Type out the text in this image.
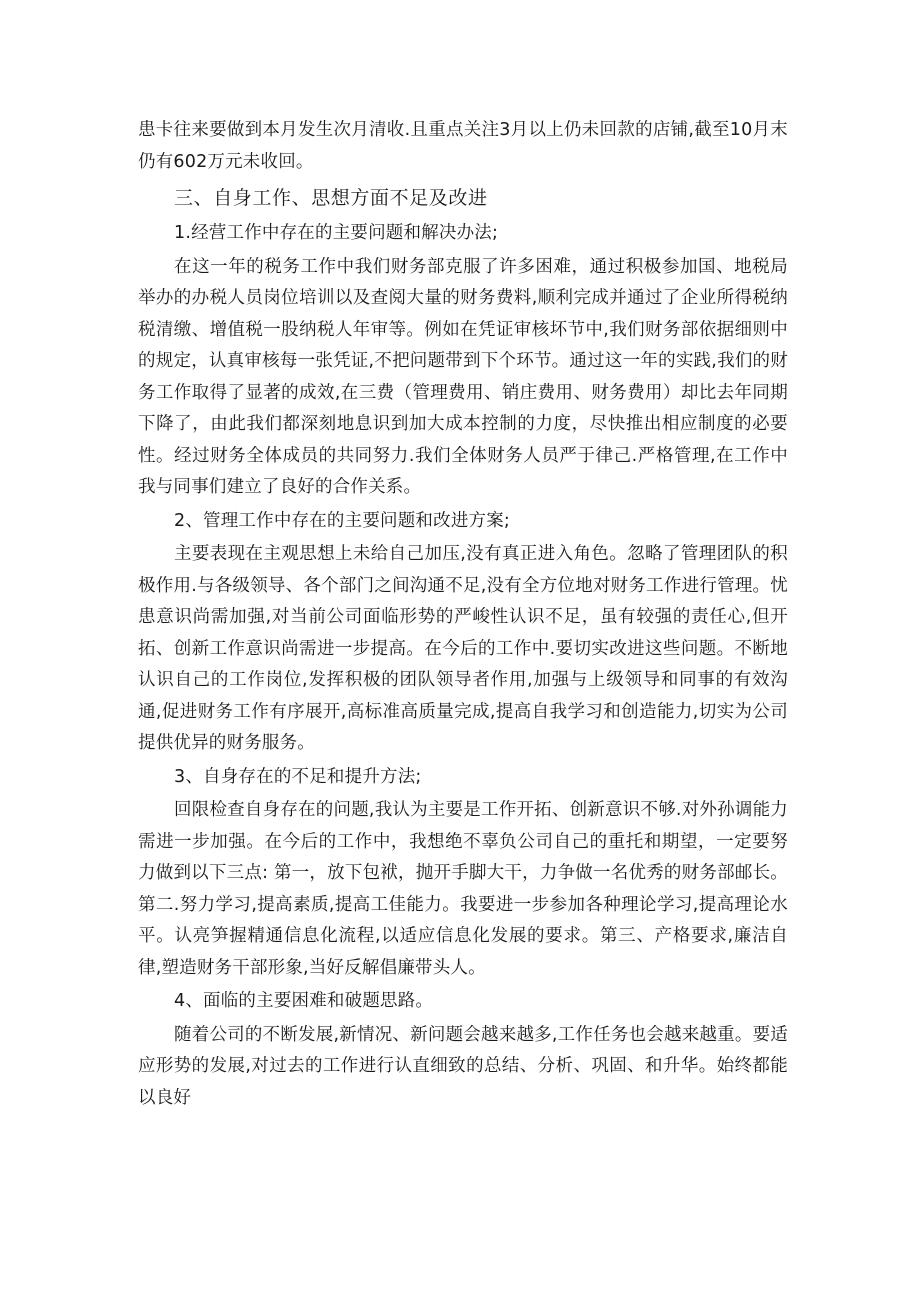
患卡往来要做到本月发生次月清收.且重点关注3月以上仍未回款的店铺,截至10月末仍有602万元未收回。

三、自身工作、思想方面不足及改进

1.经营工作中存在的主要问题和解决办法;

在这一年的税务工作中我们财务部克服了许多困难，通过积极参加国、地税局举办的办税人员岗位培训以及查阅大量的财务费料,顺利完成并通过了企业所得税纳税清缴、增值税一股纳税人年审等。例如在凭证审核坏节中,我们财务部依据细则中的规定，认真审核每一张凭证,不把问题带到下个环节。通过这一年的实践,我们的财务工作取得了显著的成效,在三费（管理费用、销庄费用、财务费用）却比去年同期下降了，由此我们都深刻地息识到加大成本控制的力度，尽快推出相应制度的必要性。经过财务全体成员的共同努力.我们全体财务人员严于律己.严格管理,在工作中我与同事们建立了良好的合作关系。

2、管理工作中存在的主要问题和改进方案;

主要表现在主观思想上未给自己加压,没有真正进入角色。忽略了管理团队的积极作用.与各级领导、各个部门之间沟通不足,没有全方位地对财务工作进行管理。忧患意识尚需加强,对当前公司面临形势的严峻性认识不足，虽有较强的责任心,但开拓、创新工作意识尚需进一步提高。在今后的工作中.要切实改进这些问题。不断地认识自己的工作岗位,发挥积极的团队领导者作用,加强与上级领导和同事的有效沟通,促进财务工作有序展开,高标准高质量完成,提高自我学习和创造能力,切实为公司提供优异的财务服务。

3、自身存在的不足和提升方法;

回限检查自身存在的问题,我认为主要是工作开拓、创新意识不够.对外孙调能力需进一步加强。在今后的工作中，我想绝不辜负公司自己的重托和期望，一定要努力做到以下三点: 第一，放下包袱，抛开手脚大干，力争做一名优秀的财务部邮长。第二.努力学习,提高素质,提高工佳能力。我要进一步参加各种理论学习,提高理论水平。认亮笋握精通信息化流程,以适应信息化发展的要求。第三、产格要求,廉洁自律,塑造财务干部形象,当好反解倡廉带头人。

4、面临的主要困难和破题思路。

随着公司的不断发展,新情况、新问题会越来越多,工作任务也会越来越重。要适应形势的发展,对过去的工作进行认直细致的总结、分析、巩固、和升华。始终都能以良好
